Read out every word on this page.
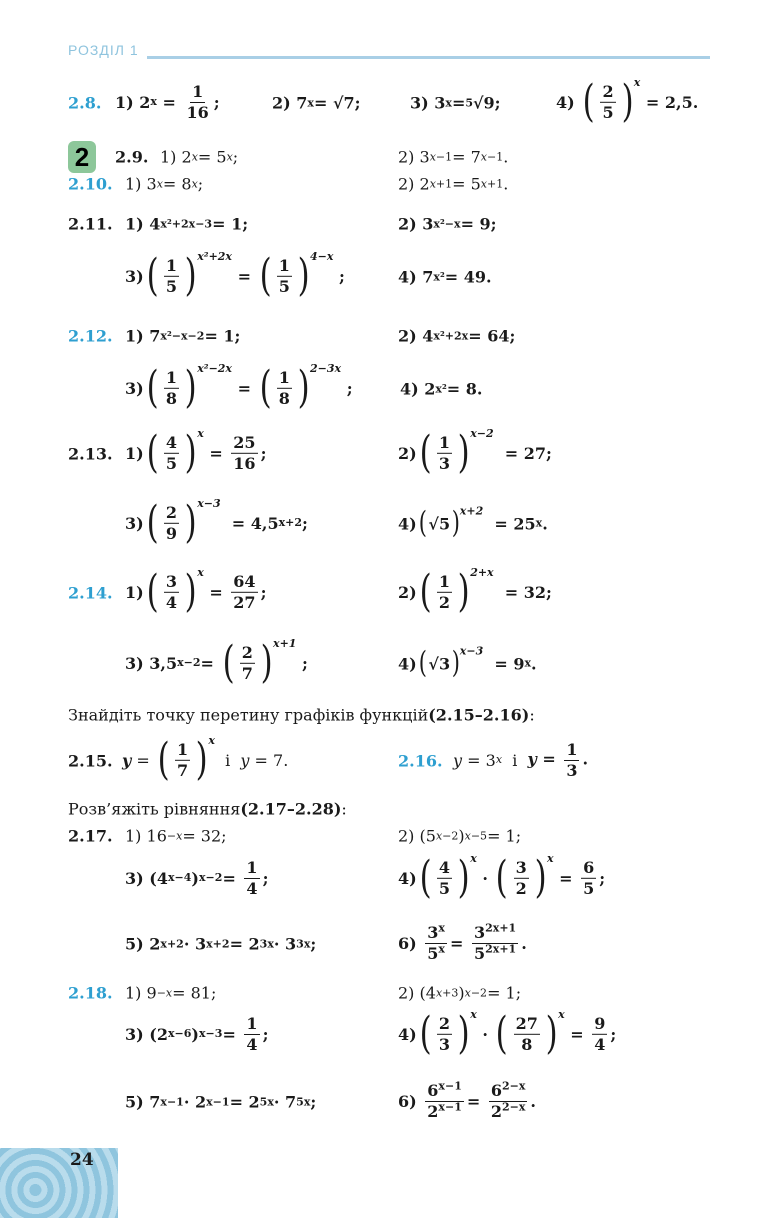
РОЗДІЛ 1
2.8. 1) 2 $x = \frac{1}{16}$ ;	2) 7 x = √7;	3) 3 x = 5 √9;	4) ( $\frac{2}{5}$ ) x
= 2,5.
2	2.9. 1) 2 x = 5 x ;	2) 3 x−1 = 7 x−1 .
2.10. 1) 3 x = 8 x ;	2) 2 x+1 = 5 x+1 .
2.11. 1) 4 x²+2x−3 = 1;	2) 3 x²−x = 9;
3) ( $\frac{1}{5}$ ) x²+2x
= ( $\frac{1}{5}$ ) 4−x
;	4) 7 x² = 49.
2.12. 1) 7 x²−x−2 = 1;	2) 4 x²+2x = 64;
3) ( $\frac{1}{8}$ ) x²−2x
= ( $\frac{1}{8}$ ) 2−3x
;	4) 2 x² = 8.
2.13. 1) ( $\frac{4}{5}$ ) x
= $\frac{25}{16}$ ;	2) ( $\frac{1}{3}$ ) x−2
= 27;
3) ( $\frac{2}{9}$ ) x−3
= 4,5 x+2 ;	4) ( √5 ) x+2
= 25 x .
2.14. 1) ( $\frac{3}{4}$ ) x
= $\frac{64}{27}$ ;	2) ( $\frac{1}{2}$ ) 2+x
= 32;
3) 3,5 x−2 = ( $\frac{2}{7}$ ) x+1
;	4) ( √3 ) x−3
= 9 x .
Знайдіть точку перетину графіків функцій (2.15–2.16) :
2.15. y = ( $\frac{1}{7}$ ) x
і y = 7.	2.16. y = 3 x і $y = \frac{1}{3}$ .
Розв’яжіть рівняння (2.17–2.28) :
2.17. 1) 16 −x = 32;	2) (5 x−2 ) x−5 = 1;
3) (4 x−4 ) $x-2 = \frac{1}{4}$ ;	4) ( $\frac{4}{5}$ ) x
· ( $\frac{3}{2}$ ) x
= $\frac{6}{5}$ ;
5) 2 x+2 · 3 x+2 = 2 3x · 3 3x ;	$6) \frac{3^x}{5^x} = \frac{3^{2x+1}}{5^{2x+1}}$ .
2.18. 1) 9 −x = 81;	2) (4 x+3 ) x−2 = 1;
3) (2 x−6 ) $x-3 = \frac{1}{4}$ ;	4) ( $\frac{2}{3}$ ) x
· ( $\frac{27}{8}$ ) x
= $\frac{9}{4}$ ;
5) 7 x−1 · 2 x−1 = 2 5x · 7 5x ;	$6) \frac{6^{x-1}}{2^{x-1}} = \frac{6^{2-x}}{2^{2-x}}$ .
24
